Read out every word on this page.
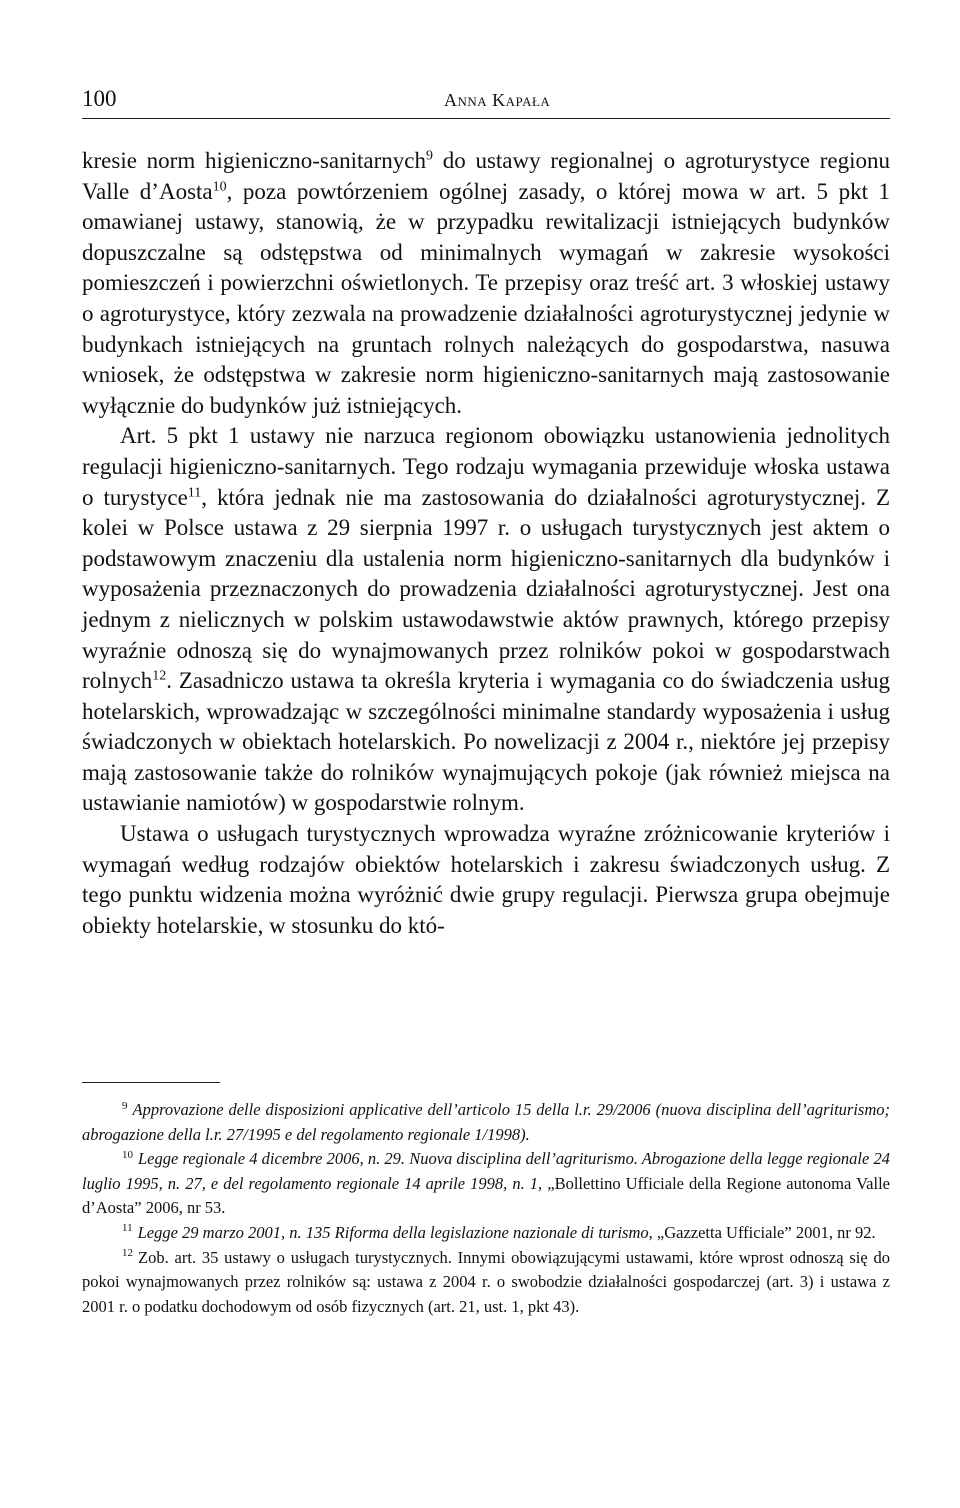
100	Anna Kapała

kresie norm higieniczno-sanitarnych$^9$ do ustawy regionalnej o agroturystyce regionu Valle d’Aosta$^{10}$, poza powtórzeniem ogólnej zasady, o której mowa w art. 5 pkt 1 omawianej ustawy, stanowią, że w przypadku rewitalizacji istniejących budynków dopuszczalne są odstępstwa od minimalnych wymagań w zakresie wysokości pomieszczeń i powierzchni oświetlonych. Te przepisy oraz treść art. 3 włoskiej ustawy o agroturystyce, który zezwala na prowadzenie działalności agroturystycznej jedynie w budynkach istniejących na gruntach rolnych należących do gospodarstwa, nasuwa wniosek, że odstępstwa w zakresie norm higieniczno-sanitarnych mają zastosowanie wyłącznie do budynków już istniejących.

Art. 5 pkt 1 ustawy nie narzuca regionom obowiązku ustanowienia jednolitych regulacji higieniczno-sanitarnych. Tego rodzaju wymagania przewiduje włoska ustawa o turystyce$^{11}$, która jednak nie ma zastosowania do działalności agroturystycznej. Z kolei w Polsce ustawa z 29 sierpnia 1997 r. o usługach turystycznych jest aktem o podstawowym znaczeniu dla ustalenia norm higieniczno-sanitarnych dla budynków i wyposażenia przeznaczonych do prowadzenia działalności agroturystycznej. Jest ona jednym z nielicznych w polskim ustawodawstwie aktów prawnych, którego przepisy wyraźnie odnoszą się do wynajmowanych przez rolników pokoi w gospodarstwach rolnych$^{12}$. Zasadniczo ustawa ta określa kryteria i wymagania co do świadczenia usług hotelarskich, wprowadzając w szczególności minimalne standardy wyposażenia i usług świadczonych w obiektach hotelarskich. Po nowelizacji z 2004 r., niektóre jej przepisy mają zastosowanie także do rolników wynajmujących pokoje (jak również miejsca na ustawianie namiotów) w gospodarstwie rolnym.

Ustawa o usługach turystycznych wprowadza wyraźne zróżnicowanie kryteriów i wymagań według rodzajów obiektów hotelarskich i zakresu świadczonych usług. Z tego punktu widzenia można wyróżnić dwie grupy regulacji. Pierwsza grupa obejmuje obiekty hotelarskie, w stosunku do któ-

$^9$ Approvazione delle disposizioni applicative dell’articolo 15 della l.r. 29/2006 (nuova disciplina dell’agriturismo; abrogazione della l.r. 27/1995 e del regolamento regionale 1/1998).

$^{10}$ Legge regionale 4 dicembre 2006, n. 29. Nuova disciplina dell’agriturismo. Abrogazione della legge regionale 24 luglio 1995, n. 27, e del regolamento regionale 14 aprile 1998, n. 1, „Bollettino Ufficiale della Regione autonoma Valle d’Aosta” 2006, nr 53.

$^{11}$ Legge 29 marzo 2001, n. 135 Riforma della legislazione nazionale di turismo, „Gazzetta Ufficiale” 2001, nr 92.

$^{12}$ Zob. art. 35 ustawy o usługach turystycznych. Innymi obowiązującymi ustawami, które wprost odnoszą się do pokoi wynajmowanych przez rolników są: ustawa z 2004 r. o swobodzie działalności gospodarczej (art. 3) i ustawa z 2001 r. o podatku dochodowym od osób fizycznych (art. 21, ust. 1, pkt 43).
